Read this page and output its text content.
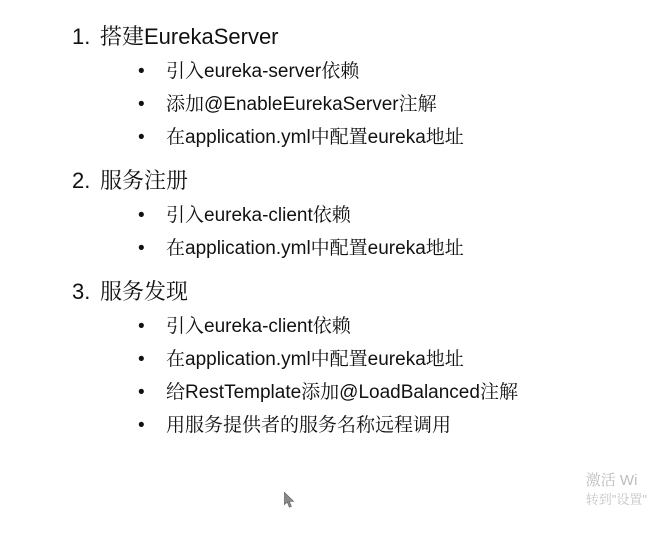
1. 搭建EurekaServer
•	引入eureka-server依赖
•	添加@EnableEurekaServer注解
•	在application.yml中配置eureka地址
2. 服务注册
•	引入eureka-client依赖
•	在application.yml中配置eureka地址
3. 服务发现
•	引入eureka-client依赖
•	在application.yml中配置eureka地址
•	给RestTemplate添加@LoadBalanced注解
•	用服务提供者的服务名称远程调用
激活 Wi
转到"设置"
